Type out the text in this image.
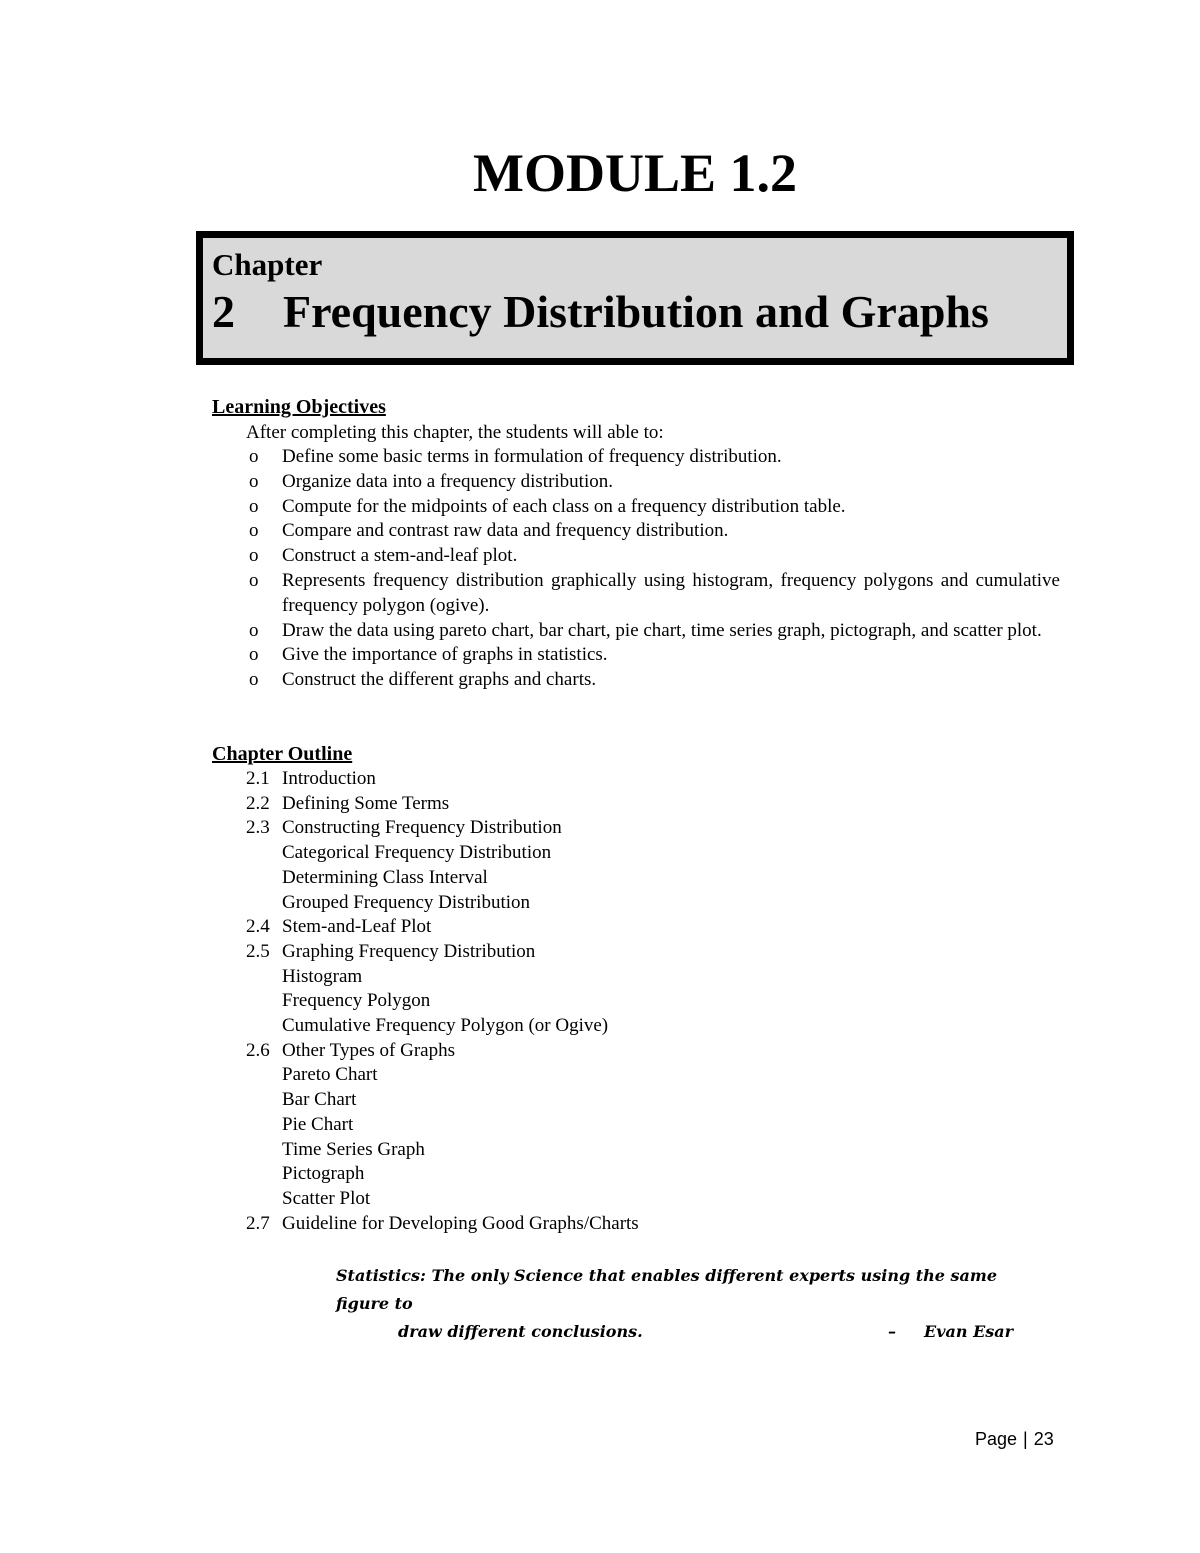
MODULE 1.2
Chapter
2 Frequency Distribution and Graphs
Learning Objectives
After completing this chapter, the students will able to:
o Define some basic terms in formulation of frequency distribution.
o Organize data into a frequency distribution.
o Compute for the midpoints of each class on a frequency distribution table.
o Compare and contrast raw data and frequency distribution.
o Construct a stem-and-leaf plot.
o Represents frequency distribution graphically using histogram, frequency polygons and cumulative frequency polygon (ogive).
o Draw the data using pareto chart, bar chart, pie chart, time series graph, pictograph, and scatter plot.
o Give the importance of graphs in statistics.
o Construct the different graphs and charts.
Chapter Outline
2.1 Introduction
2.2 Defining Some Terms
2.3 Constructing Frequency Distribution
Categorical Frequency Distribution
Determining Class Interval
Grouped Frequency Distribution
2.4 Stem-and-Leaf Plot
2.5 Graphing Frequency Distribution
Histogram
Frequency Polygon
Cumulative Frequency Polygon (or Ogive)
2.6 Other Types of Graphs
Pareto Chart
Bar Chart
Pie Chart
Time Series Graph
Pictograph
Scatter Plot
2.7 Guideline for Developing Good Graphs/Charts
Statistics: The only Science that enables different experts using the same figure to
draw different conclusions.	– Evan Esar
Page | 23
